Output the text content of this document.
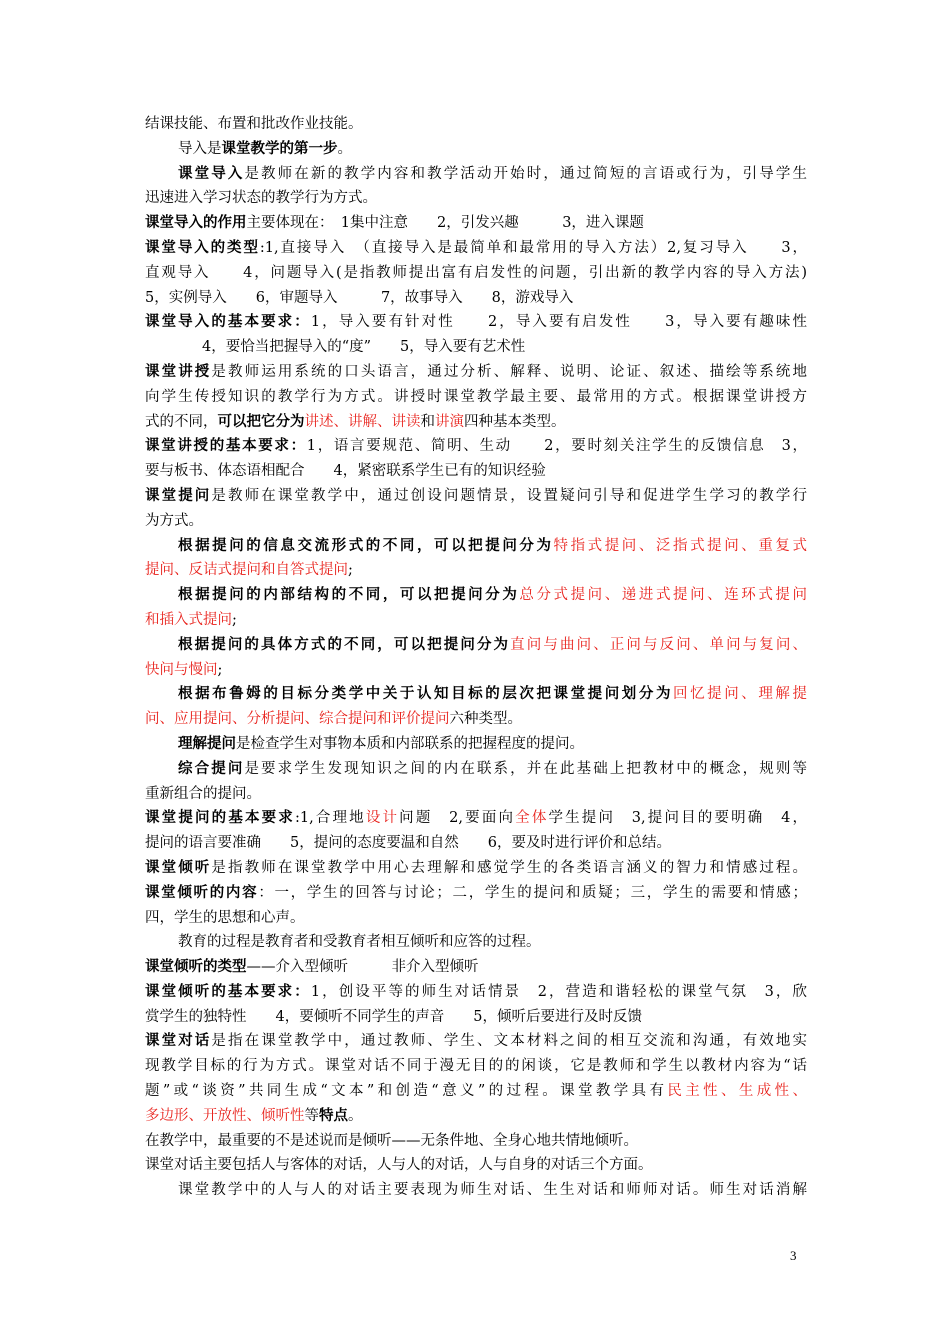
结课技能、布置和批改作业技能。
导入是课堂教学的第一步。
课堂导入是教师在新的教学内容和教学活动开始时，通过简短的言语或行为，引导学生
迅速进入学习状态的教学行为方式。
课堂导入的作用主要体现在：　1集中注意　　2，引发兴趣　　　3，进入课题
课堂导入的类型:1,直接导入　（直接导入是最简单和最常用的导入方法）2,复习导入　　3，
直观导入　　4，问题导入(是指教师提出富有启发性的问题，引出新的教学内容的导入方法)
5，实例导入　　6，审题导入　　　7，故事导入　　8，游戏导入
课堂导入的基本要求：1，导入要有针对性　　2，导入要有启发性　　3，导入要有趣味性
4，要恰当把握导入的“度”　　5，导入要有艺术性
课堂讲授是教师运用系统的口头语言，通过分析、解释、说明、论证、叙述、描绘等系统地
向学生传授知识的教学行为方式。讲授时课堂教学最主要、最常用的方式。根据课堂讲授方
式的不同，可以把它分为讲述、讲解、讲读和讲演四种基本类型。
课堂讲授的基本要求：1，语言要规范、简明、生动　　2，要时刻关注学生的反馈信息　3，
要与板书、体态语相配合　　4，紧密联系学生已有的知识经验
课堂提问是教师在课堂教学中，通过创设问题情景，设置疑问引导和促进学生学习的教学行
为方式。
根据提问的信息交流形式的不同，可以把提问分为特指式提问、泛指式提问、重复式
提问、反诘式提问和自答式提问;
根据提问的内部结构的不同，可以把提问分为总分式提问、递进式提问、连环式提问
和插入式提问;
根据提问的具体方式的不同，可以把提问分为直问与曲问、正问与反问、单问与复问、
快问与慢问;
根据布鲁姆的目标分类学中关于认知目标的层次把课堂提问划分为回忆提问、理解提
问、应用提问、分析提问、综合提问和评价提问六种类型。
理解提问是检查学生对事物本质和内部联系的把握程度的提问。
综合提问是要求学生发现知识之间的内在联系，并在此基础上把教材中的概念，规则等
重新组合的提问。
课堂提问的基本要求:1,合理地设计问题　2,要面向全体学生提问　3,提问目的要明确　4，
提问的语言要准确　　5，提问的态度要温和自然　　6，要及时进行评价和总结。
课堂倾听是指教师在课堂教学中用心去理解和感觉学生的各类语言涵义的智力和情感过程。
课堂倾听的内容：一，学生的回答与讨论；二，学生的提问和质疑；三，学生的需要和情感；
四，学生的思想和心声。
教育的过程是教育者和受教育者相互倾听和应答的过程。
课堂倾听的类型——介入型倾听　　　非介入型倾听
课堂倾听的基本要求：1，创设平等的师生对话情景　2，营造和谐轻松的课堂气氛　3，欣
赏学生的独特性　　4，要倾听不同学生的声音　　5，倾听后要进行及时反馈
课堂对话是指在课堂教学中，通过教师、学生、文本材料之间的相互交流和沟通，有效地实
现教学目标的行为方式。课堂对话不同于漫无目的的闲谈，它是教师和学生以教材内容为“话
题”或“谈资”共同生成“文本”和创造“意义”的过程。课堂教学具有民主性、生成性、
多边形、开放性、倾听性等特点。
在教学中，最重要的不是述说而是倾听——无条件地、全身心地共情地倾听。
课堂对话主要包括人与客体的对话，人与人的对话，人与自身的对话三个方面。
课堂教学中的人与人的对话主要表现为师生对话、生生对话和师师对话。师生对话消解
3
